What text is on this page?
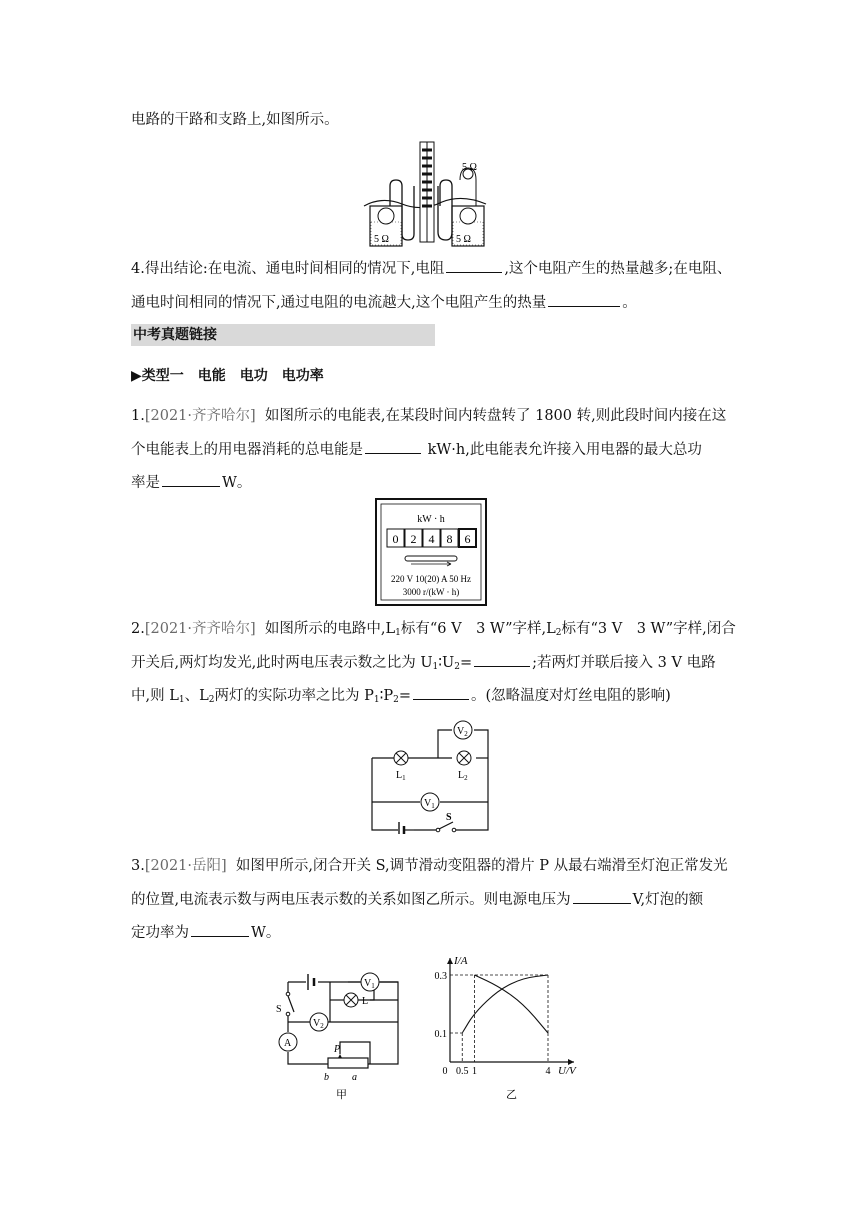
电路的干路和支路上,如图所示。
5 Ω
5 Ω	5 Ω
4.得出结论:在电流、通电时间相同的情况下,电阻	,这个电阻产生的热量越多;在电阻、
通电时间相同的情况下,通过电阻的电流越大,这个电阻产生的热量	。
中考真题链接
▶类型一　电能　电功　电功率
1.[2021·齐齐哈尔] 如图所示的电能表,在某段时间内转盘转了 1800 转,则此段时间内接在这
个电能表上的用电器消耗的总电能是	kW·h,此电能表允许接入用电器的最大总功
率是	W。
kW · h
0 2 4 8 6
220 V 10(20) A 50 Hz
3000 r/(kW · h)
2.[2021·齐齐哈尔] 如图所示的电路中$,L_1$标有“6 V　3 W”字样$,L_2$标有“3 V　3 W”字样,闭合
开关后,两灯均发光,此时两电压表示数之比为 $U_1∶U_2=$	;若两灯并联后接入 3 V 电路
中,则 $L_1$、$L_2$两灯的实际功率之比为 $P_1∶P_2=$	。(忽略温度对灯丝电阻的影响)
$L_1$	$L_2$
$V_2$
$V_1$
S
3.[2021·岳阳] 如图甲所示,闭合开关 S,调节滑动变阻器的滑片 P 从最右端滑至灯泡正常发光
的位置,电流表示数与两电压表示数的关系如图乙所示。则电源电压为	V,灯泡的额
定功率为	W。
$V_1$
L
S
$V_2$
A
P
b a
甲
I/A
U/V
0.3
0.1
0 0.5 1	4
乙
